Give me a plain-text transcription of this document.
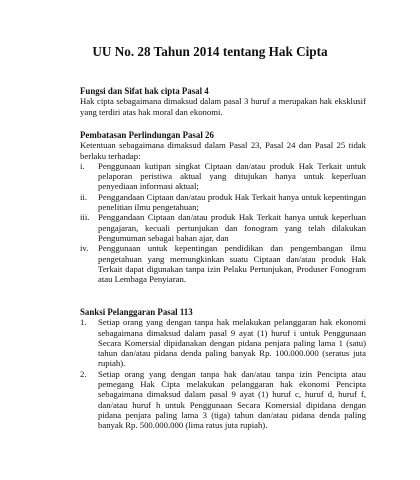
UU No. 28 Tahun 2014 tentang Hak Cipta

Fungsi dan Sifat hak cipta Pasal 4

Hak cipta sebagaimana dimaksud dalam pasal 3 huruf a merupakan hak eksklusif yang terdiri atas hak moral dan ekonomi.

Pembatasan Perlindungan Pasal 26

Ketentuan sebagaimana dimaksud dalam Pasal 23, Pasal 24 dan Pasal 25 tidak berlaku terhadap:

i. Penggunaan kutipan singkat Ciptaan dan/atau produk Hak Terkait untuk pelaporan peristiwa aktual yang ditujukan hanya untuk keperluan penyediaan informasi aktual;
ii. Penggandaan Ciptaan dan/atau produk Hak Terkait hanya untuk kepentingan penelitian ilmu pengetahuan;
iii. Penggandaan Ciptaan dan/atau produk Hak Terkait hanya untuk keperluan pengajaran, kecuali pertunjukan dan fonogram yang telah dilakukan Pengumuman sebagai bahan ajar, dan
iv. Penggunaan untuk kepentingan pendidikan dan pengembangan ilmu pengetahuan yang memungkinkan suatu Ciptaan dan/atau produk Hak Terkait dapat digunakan tanpa izin Pelaku Pertunjukan, Produser Fonogram atau Lembaga Penyiaran.

Sanksi Pelanggaran Pasal 113

1. Setiap orang yang dengan tanpa hak melakukan pelanggaran hak ekonomi sebagaimana dimaksud dalam pasal 9 ayat (1) huruf i untuk Penggunaan Secara Komersial dipidanakan dengan pidana penjara paling lama 1 (satu) tahun dan/atau pidana denda paling banyak Rp. 100.000.000 (seratus juta rupiah).
2. Setiap orang yang dengan tanpa hak dan/atau tanpa izin Pencipta atau pemegang Hak Cipta melakukan pelanggaran hak ekonomi Pencipta sebagaimana dimaksud dalam pasal 9 ayat (1) huruf c, huruf d, huruf f, dan/atau huruf h untuk Penggunaan Secara Komersial dipidana dengan pidana penjara paling lama 3 (tiga) tahun dan/atau pidana denda paling banyak Rp. 500.000.000 (lima ratus juta rupiah).
